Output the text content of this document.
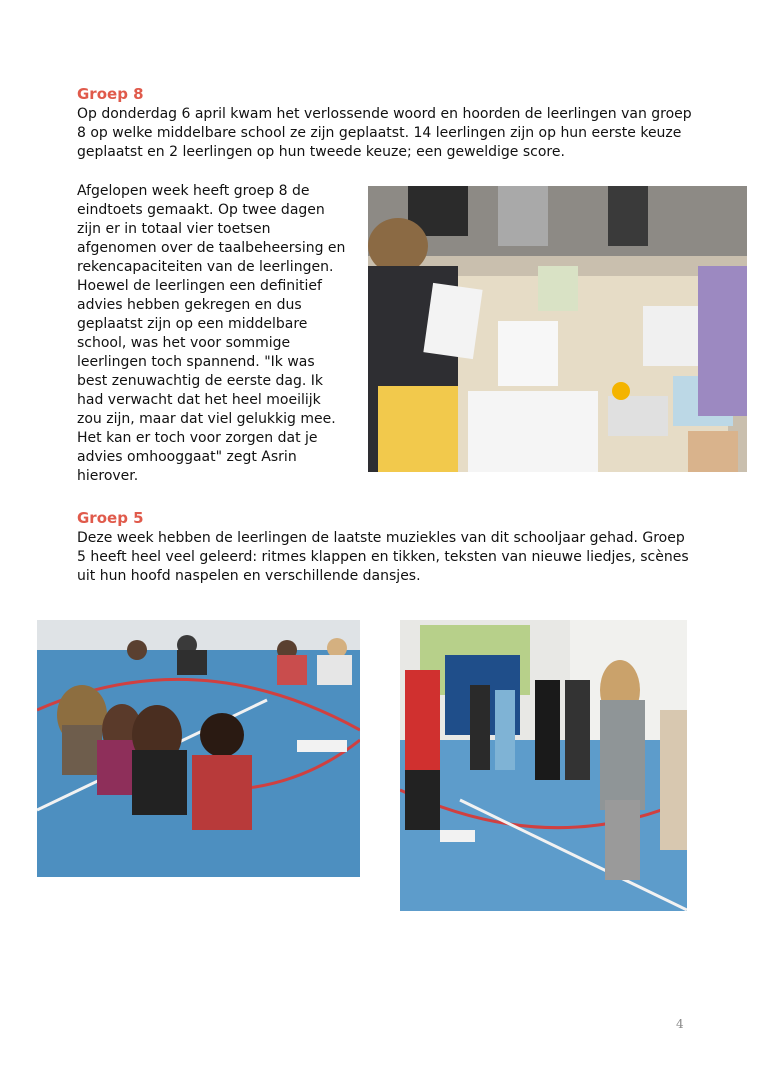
Groep 8

Op donderdag 6 april kwam het verlossende woord en hoorden de leerlingen van groep 8 op welke middelbare school ze zijn geplaatst. 14 leerlingen zijn op hun eerste keuze geplaatst en 2 leerlingen op hun tweede keuze; een geweldige score.

Afgelopen week heeft groep 8 de eindtoets gemaakt. Op twee dagen zijn er in totaal vier toetsen afgenomen over de taalbeheersing en rekencapaciteiten van de leerlingen. Hoewel de leerlingen een definitief advies hebben gekregen en dus geplaatst zijn op een middelbare school, was het voor sommige leerlingen toch spannend. "Ik was best zenuwachtig de eerste dag. Ik had verwacht dat het heel moeilijk zou zijn, maar dat viel gelukkig mee. Het kan er toch voor zorgen dat je advies omhooggaat" zegt Asrin hierover.

Groep 5

Deze week hebben de leerlingen de laatste muziekles van dit schooljaar gehad. Groep 5 heeft heel veel geleerd: ritmes klappen en tikken, teksten van nieuwe liedjes, scènes uit hun hoofd naspelen en verschillende dansjes.

4
